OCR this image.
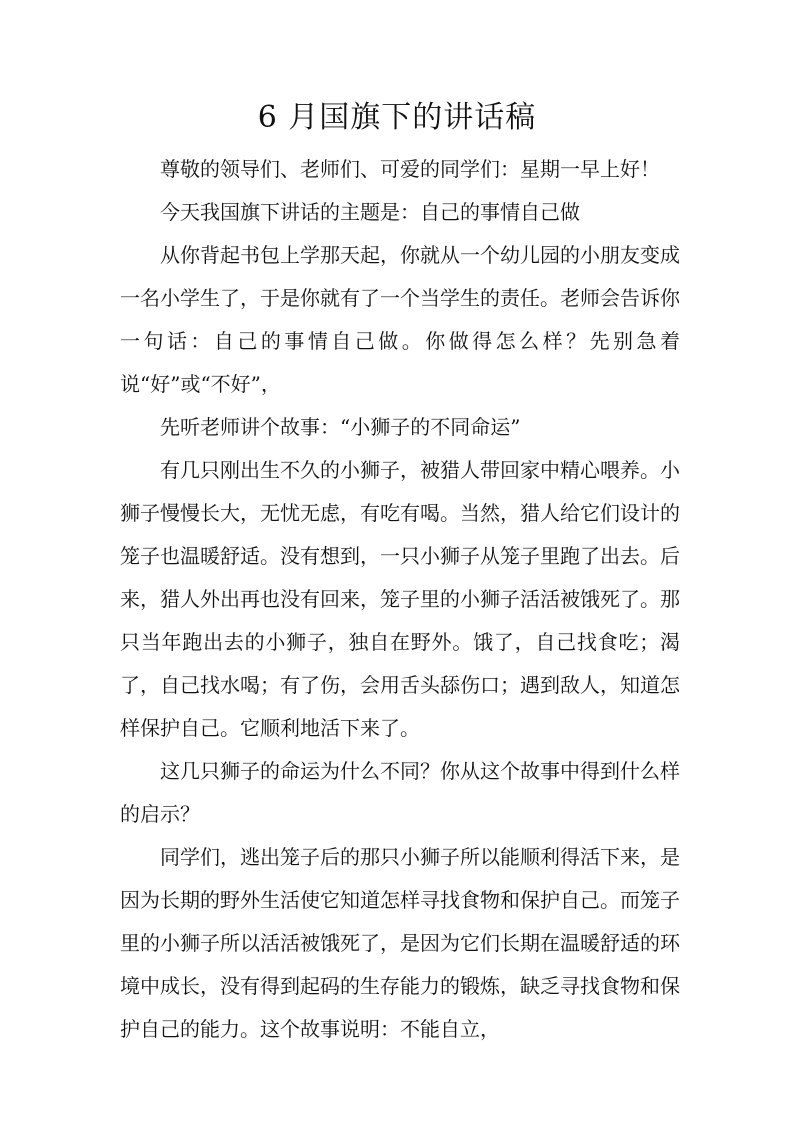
6 月国旗下的讲话稿

尊敬的领导们、老师们、可爱的同学们：星期一早上好！

今天我国旗下讲话的主题是：自己的事情自己做

从你背起书包上学那天起，你就从一个幼儿园的小朋友变成一名小学生了，于是你就有了一个当学生的责任。老师会告诉你一句话：自己的事情自己做。你做得怎么样？先别急着说“好”或“不好”，

先听老师讲个故事：“小狮子的不同命运”

有几只刚出生不久的小狮子，被猎人带回家中精心喂养。小狮子慢慢长大，无忧无虑，有吃有喝。当然，猎人给它们设计的笼子也温暖舒适。没有想到，一只小狮子从笼子里跑了出去。后来，猎人外出再也没有回来，笼子里的小狮子活活被饿死了。那只当年跑出去的小狮子，独自在野外。饿了，自己找食吃；渴了，自己找水喝；有了伤，会用舌头舔伤口；遇到敌人，知道怎样保护自己。它顺利地活下来了。

这几只狮子的命运为什么不同？你从这个故事中得到什么样的启示？

同学们，逃出笼子后的那只小狮子所以能顺利得活下来，是因为长期的野外生活使它知道怎样寻找食物和保护自己。而笼子里的小狮子所以活活被饿死了，是因为它们长期在温暖舒适的环境中成长，没有得到起码的生存能力的锻炼，缺乏寻找食物和保护自己的能力。这个故事说明：不能自立，
